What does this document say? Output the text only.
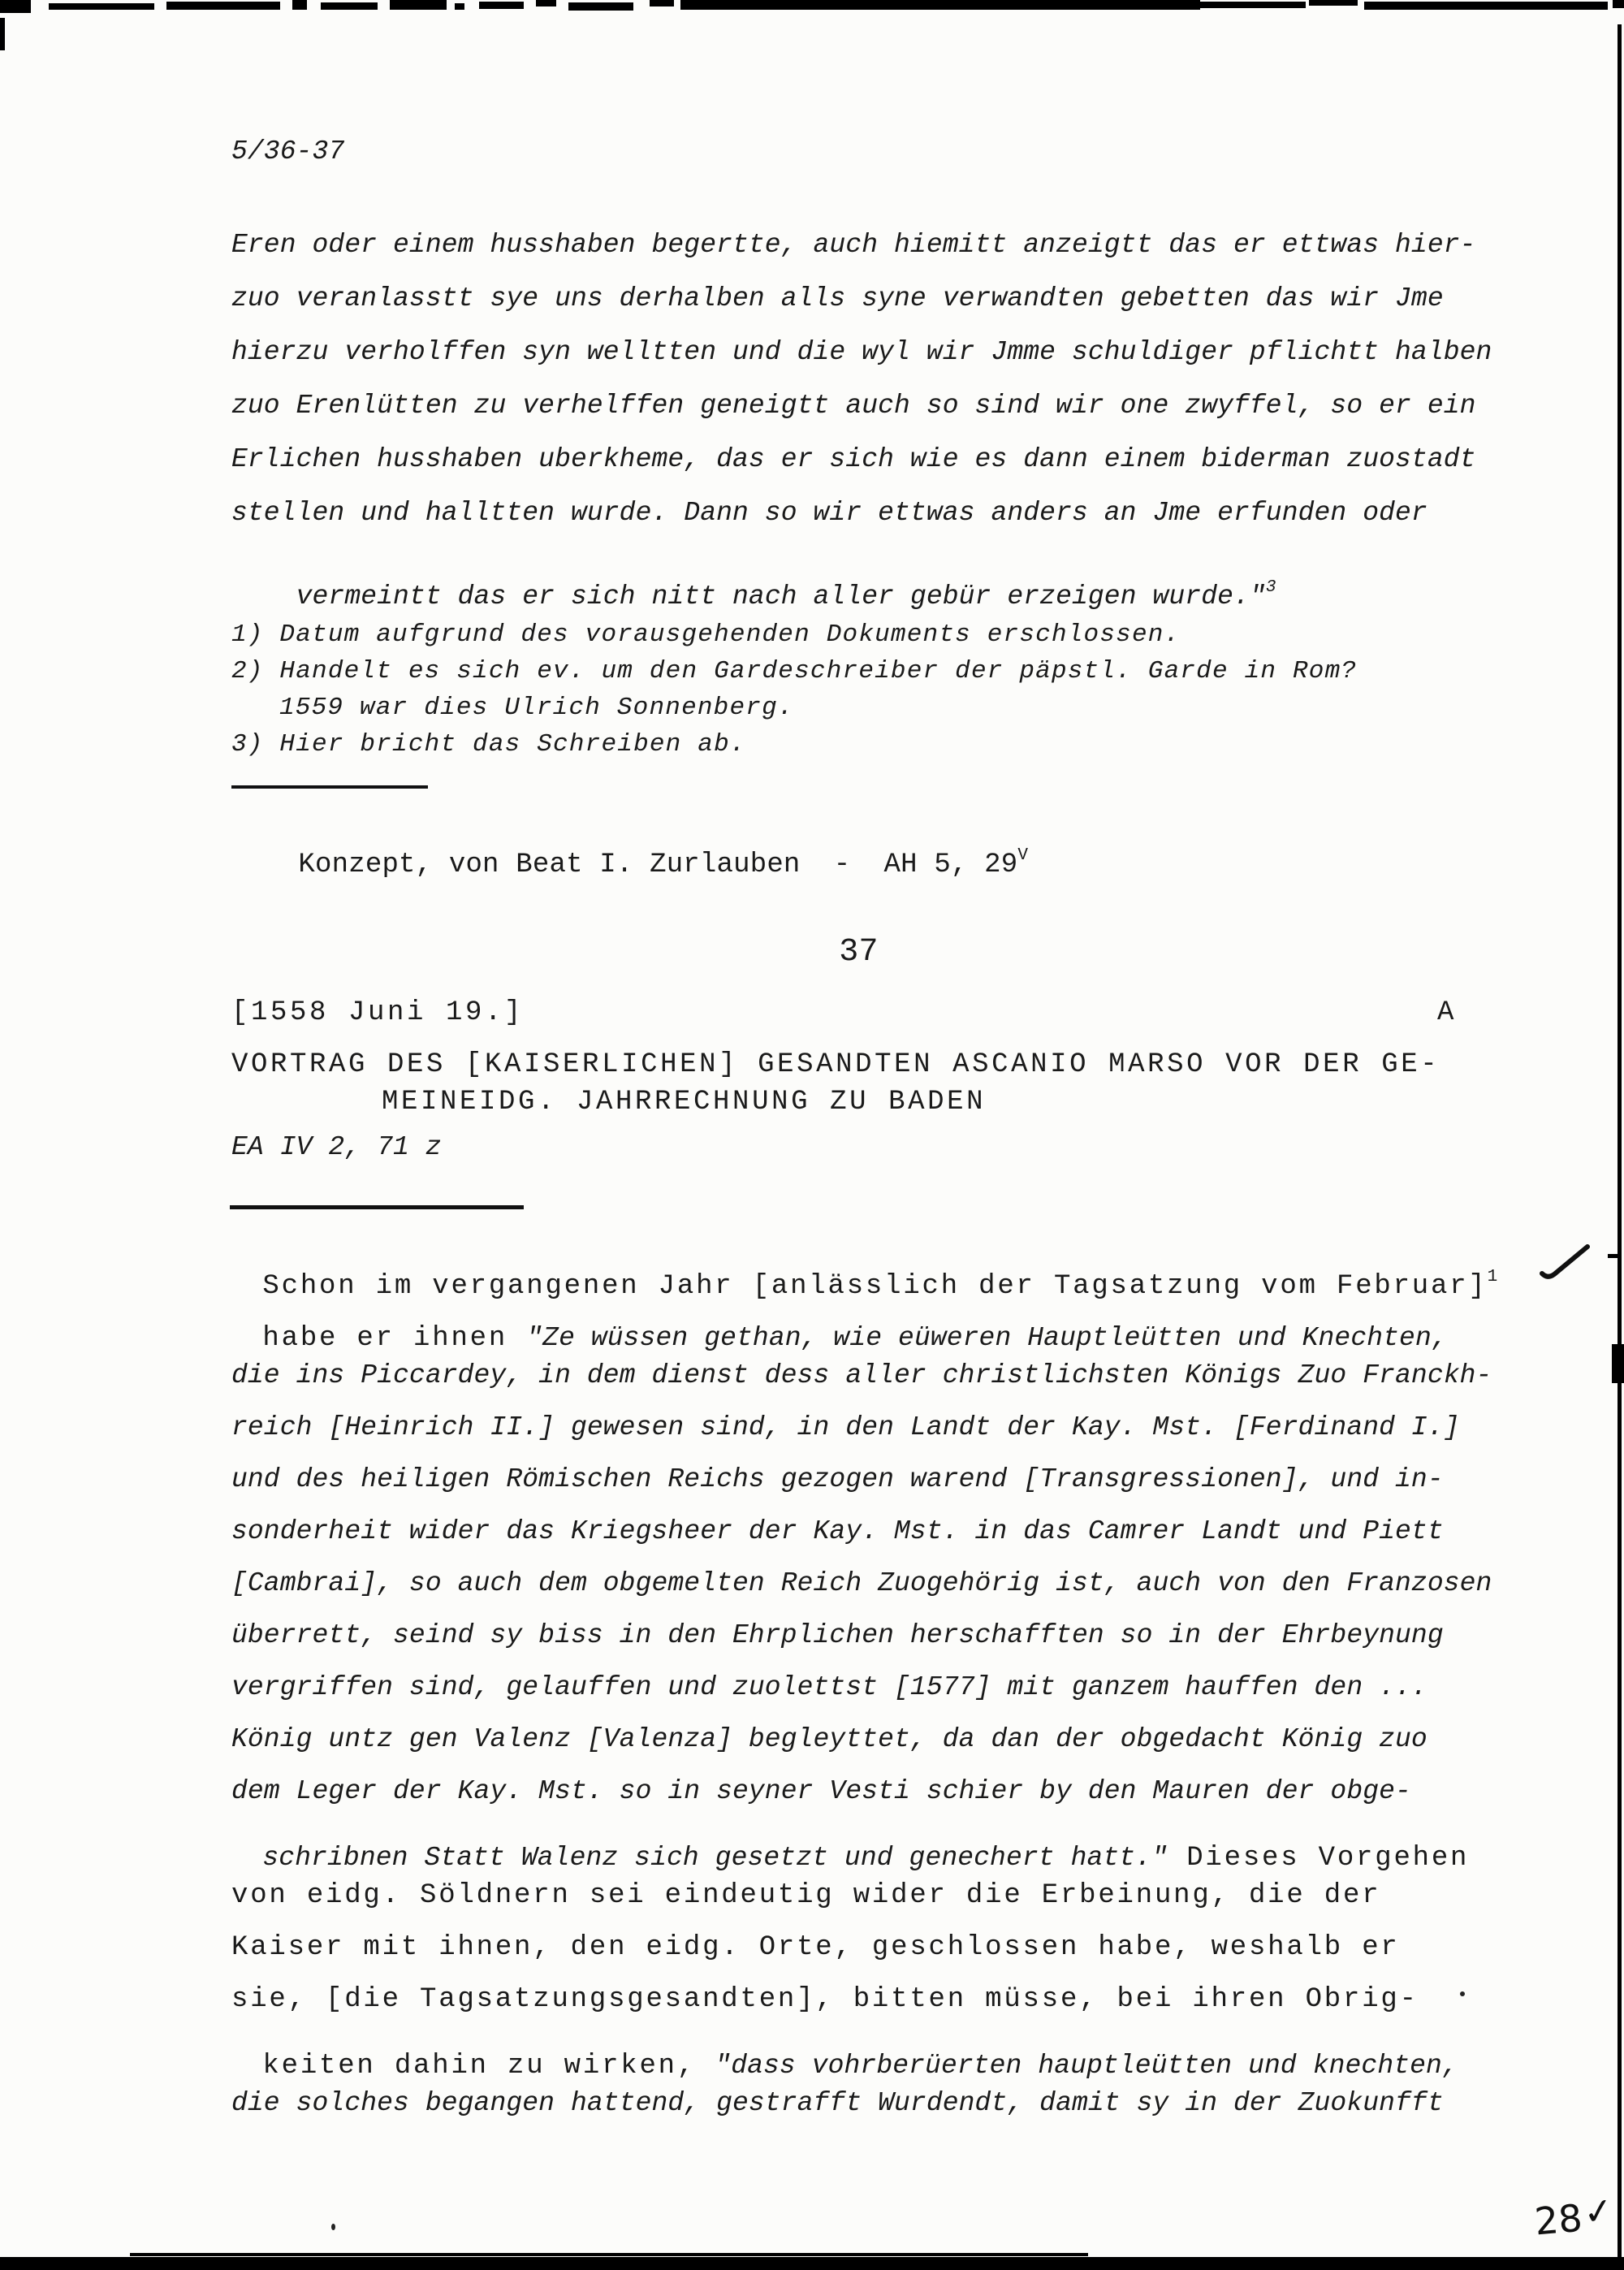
5/36-37
Eren oder einem husshaben begertte, auch hiemitt anzeigtt das er ettwas hier-
zuo veranlasstt sye uns derhalben alls syne verwandten gebetten das wir Jme
hierzu verholffen syn welltten und die wyl wir Jmme schuldiger pflichtt halben
zuo Erenlütten zu verhelffen geneigtt auch so sind wir one zwyffel, so er ein
Erlichen husshaben uberkheme, das er sich wie es dann einem biderman zuostadt
stellen und halltten wurde. Dann so wir ettwas anders an Jme erfunden oder

vermeintt das er sich nitt nach aller gebür erzeigen wurde."$^3$

1) Datum aufgrund des vorausgehenden Dokuments erschlossen.
2) Handelt es sich ev. um den Gardeschreiber der päpstl. Garde in Rom?
1559 war dies Ulrich Sonnenberg.
3) Hier bricht das Schreiben ab.

Konzept, von Beat I. Zurlauben  -  AH 5, $29^V$

37
[1558 Juni 19.]	A
VORTRAG DES [KAISERLICHEN] GESANDTEN ASCANIO MARSO VOR DER GE-
MEINEIDG. JAHRRECHNUNG ZU BADEN
EA IV 2, 71 z

Schon im vergangenen Jahr [anlässlich der Tagsatzung vom Februar]1

habe er ihnen "Ze wüssen gethan, wie eüweren Hauptleütten und Knechten,

die ins Piccardey, in dem dienst dess aller christlichsten Königs Zuo Franckh-
reich [Heinrich II.] gewesen sind, in den Landt der Kay. Mst. [Ferdinand I.]
und des heiligen Römischen Reichs gezogen warend [Transgressionen], und in-
sonderheit wider das Kriegsheer der Kay. Mst. in das Camrer Landt und Piett
[Cambrai], so auch dem obgemelten Reich Zuogehörig ist, auch von den Franzosen
überrett, seind sy biss in den Ehrplichen herschafften so in der Ehrbeynung
vergriffen sind, gelauffen und zuolettst [1577] mit ganzem hauffen den ...
König untz gen Valenz [Valenza] begleyttet, da dan der obgedacht König zuo
dem Leger der Kay. Mst. so in seyner Vesti schier by den Mauren der obge-

schribnen Statt Walenz sich gesetzt und genechert hatt." Dieses Vorgehen

von eidg. Söldnern sei eindeutig wider die Erbeinung, die der
Kaiser mit ihnen, den eidg. Orte, geschlossen habe, weshalb er
sie, [die Tagsatzungsgesandten], bitten müsse, bei ihren Obrig-

keiten dahin zu wirken, "dass vohrberüerten hauptleütten und knechten,

die solches begangen hattend, gestrafft Wurdendt, damit sy in der Zuokunfft
28
✓
